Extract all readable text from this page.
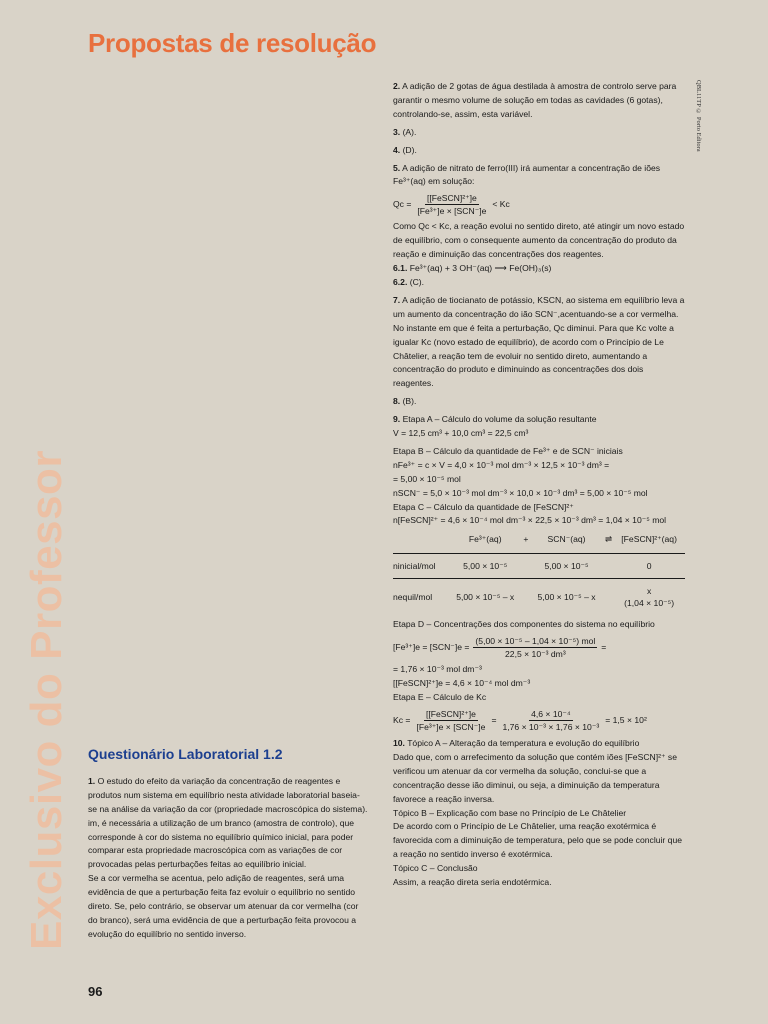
Propostas de resolução
Exclusivo do Professor
QBL11TP © Porto Editora
96
Questionário Laboratorial 1.2

1. O estudo do efeito da variação da concentração de reagentes e produtos num sistema em equilíbrio nesta atividade laboratorial baseia-se na análise da variação da cor (propriedade macroscópica do sistema). im, é necessária a utilização de um branco (amostra de controlo), que corresponde à cor do sistema no equilíbrio químico inicial, para poder comparar esta propriedade macroscópica com as variações de cor provocadas pelas perturbações feitas ao equilíbrio inicial.

Se a cor vermelha se acentua, pelo adição de reagentes, será uma evidência de que a perturbação feita faz evoluir o equilíbrio no sentido direto. Se, pelo contrário, se observar um atenuar da cor vermelha (cor do branco), será uma evidência de que a perturbação feita provocou a evolução do equilíbrio no sentido inverso.

2. A adição de 2 gotas de água destilada à amostra de controlo serve para garantir o mesmo volume de solução em todas as cavidades (6 gotas), controlando-se, assim, esta variável.

3. (A).

4. (D).

5. A adição de nitrato de ferro(III) irá aumentar a concentração de iões Fe³⁺(aq) em solução:

$Qc = \frac{\text{[[FeSCN]²⁺]e}}{\text{[Fe³⁺]e × [SCN⁻]e}} < Kc$

Como Qc < Kc, a reação evolui no sentido direto, até atingir um novo estado de equilíbrio, com o consequente aumento da concentração do produto da reação e diminuição das concentrações dos reagentes.

6.1. Fe³⁺(aq) + 3 OH⁻(aq) ⟶ Fe(OH)₃(s)

6.2. (C).

7. A adição de tiocianato de potássio, KSCN, ao sistema em equilíbrio leva a um aumento da concentração do ião SCN⁻,acentuando-se a cor vermelha.

No instante em que é feita a perturbação, Qc diminui. Para que Kc volte a igualar Kc (novo estado de equilíbrio), de acordo com o Princípio de Le Châtelier, a reação tem de evoluir no sentido direto, aumentando a concentração do produto e diminuindo as concentrações dos dois reagentes.

8. (B).

9. Etapa A – Cálculo do volume da solução resultante

V = 12,5 cm³ + 10,0 cm³ = 22,5 cm³

Etapa B – Cálculo da quantidade de Fe³⁺ e de SCN⁻ iniciais

nFe³⁺ = c × V = 4,0 × 10⁻³ mol dm⁻³ × 12,5 × 10⁻³ dm³ =

= 5,00 × 10⁻⁵ mol

nSCN⁻ = 5,0 × 10⁻³ mol dm⁻³ × 10,0 × 10⁻³ dm³ = 5,00 × 10⁻⁵ mol

Etapa C – Cálculo da quantidade de [FeSCN]²⁺

n[FeSCN]²⁺ = 4,6 × 10⁻⁴ mol dm⁻³ × 22,5 × 10⁻³ dm³ = 1,04 × 10⁻⁵ mol

	Fe³⁺(aq)	+	SCN⁻(aq)	⇌	[FeSCN]²⁺(aq)
ninicial/mol	5,00 × 10⁻⁵		5,00 × 10⁻⁵		0
nequil/mol	5,00 × 10⁻⁵ – x		5,00 × 10⁻⁵ – x		x
(1,04 × 10⁻⁵)

Etapa D – Concentrações dos componentes do sistema no equilíbrio

$[Fe^{3+}]e = [SCN^-]e = \frac{\text{(5,00 × 10⁻⁵ – 1,04 × 10⁻⁵) mol}}{\text{22,5 × 10⁻³ dm³}}$ =

= 1,76 × 10⁻³ mol dm⁻³

[[FeSCN]²⁺]e = 4,6 × 10⁻⁴ mol dm⁻³

Etapa E – Cálculo de Kc

$Kc = \frac{\text{[[FeSCN]²⁺]e}}{\text{[Fe³⁺]e × [SCN⁻]e}} = \frac{\text{4,6 × 10⁻⁴}}{\text{1,76 × 10⁻³ × 1,76 × 10⁻³}} = 1,5 \times 10^2$

10. Tópico A – Alteração da temperatura e evolução do equilíbrio

Dado que, com o arrefecimento da solução que contém iões [FeSCN]²⁺ se verificou um atenuar da cor vermelha da solução, conclui-se que a concentração desse ião diminui, ou seja, a diminuição da temperatura favorece a reação inversa.

Tópico B – Explicação com base no Princípio de Le Châtelier

De acordo com o Princípio de Le Châtelier, uma reação exotérmica é favorecida com a diminuição de temperatura, pelo que se pode concluir que a reação no sentido inverso é exotérmica.

Tópico C – Conclusão

Assim, a reação direta seria endotérmica.
